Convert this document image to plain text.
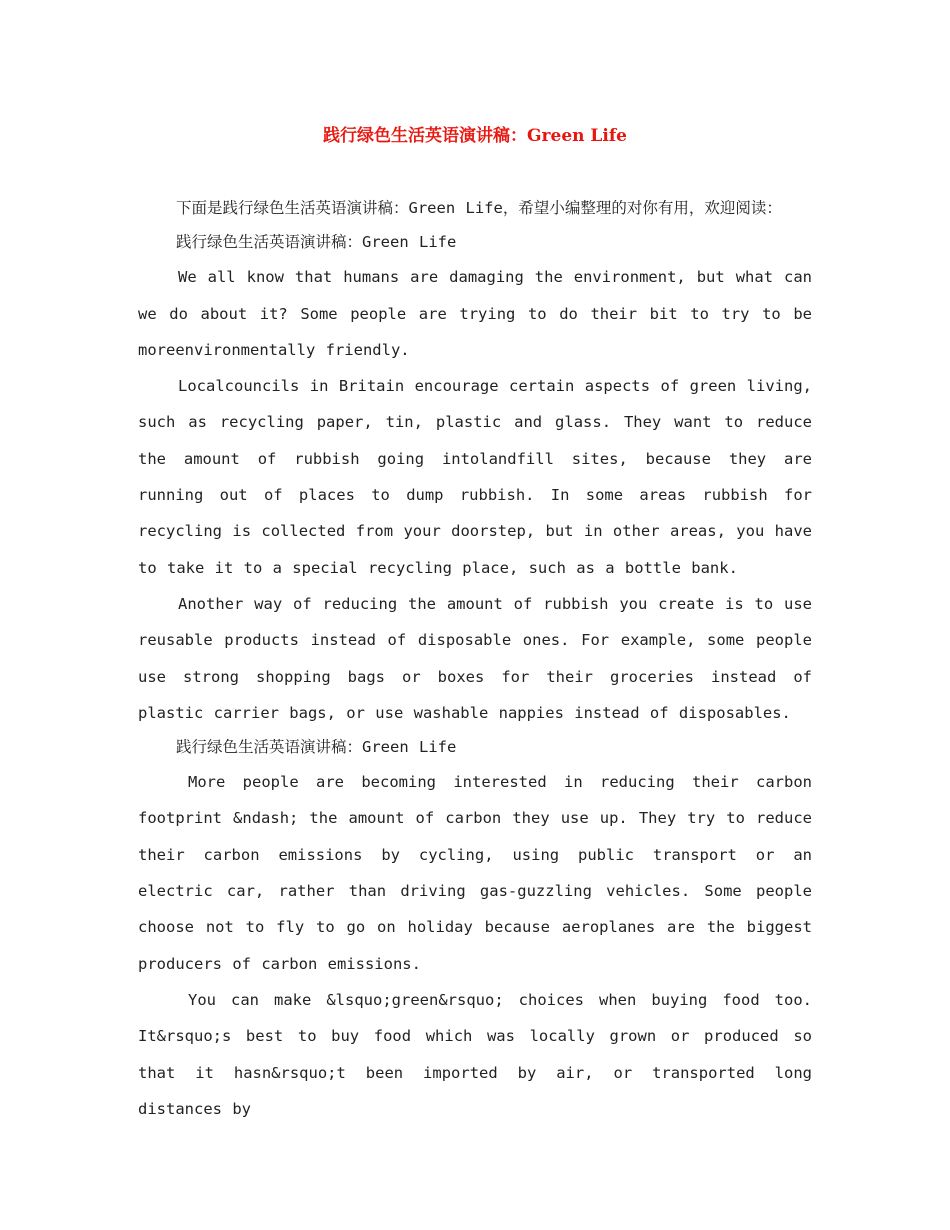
践行绿色生活英语演讲稿：Green Life

下面是践行绿色生活英语演讲稿：Green Life，希望小编整理的对你有用，欢迎阅读：

践行绿色生活英语演讲稿：Green Life

We all know that humans are damaging the environment, but what can we do about it? Some people are trying to do their bit to try to be moreenvironmentally friendly.

Localcouncils in Britain encourage certain aspects of green living, such as recycling paper, tin, plastic and glass. They want to reduce the amount of rubbish going intolandfill sites, because they are running out of places to dump rubbish. In some areas rubbish for recycling is collected from your doorstep, but in other areas, you have to take it to a special recycling place, such as a bottle bank.

Another way of reducing the amount of rubbish you create is to use reusable products instead of disposable ones. For example, some people use strong shopping bags or boxes for their groceries instead of plastic carrier bags, or use washable nappies instead of disposables.

践行绿色生活英语演讲稿：Green Life

More people are becoming interested in reducing their carbon footprint &ndash; the amount of carbon they use up. They try to reduce their carbon emissions by cycling, using public transport or an electric car, rather than driving gas-guzzling vehicles. Some people choose not to fly to go on holiday because aeroplanes are the biggest producers of carbon emissions.

You can make &lsquo;green&rsquo; choices when buying food too. It&rsquo;s best to buy food which was locally grown or produced so that it hasn&rsquo;t been imported by air, or transported long distances by
